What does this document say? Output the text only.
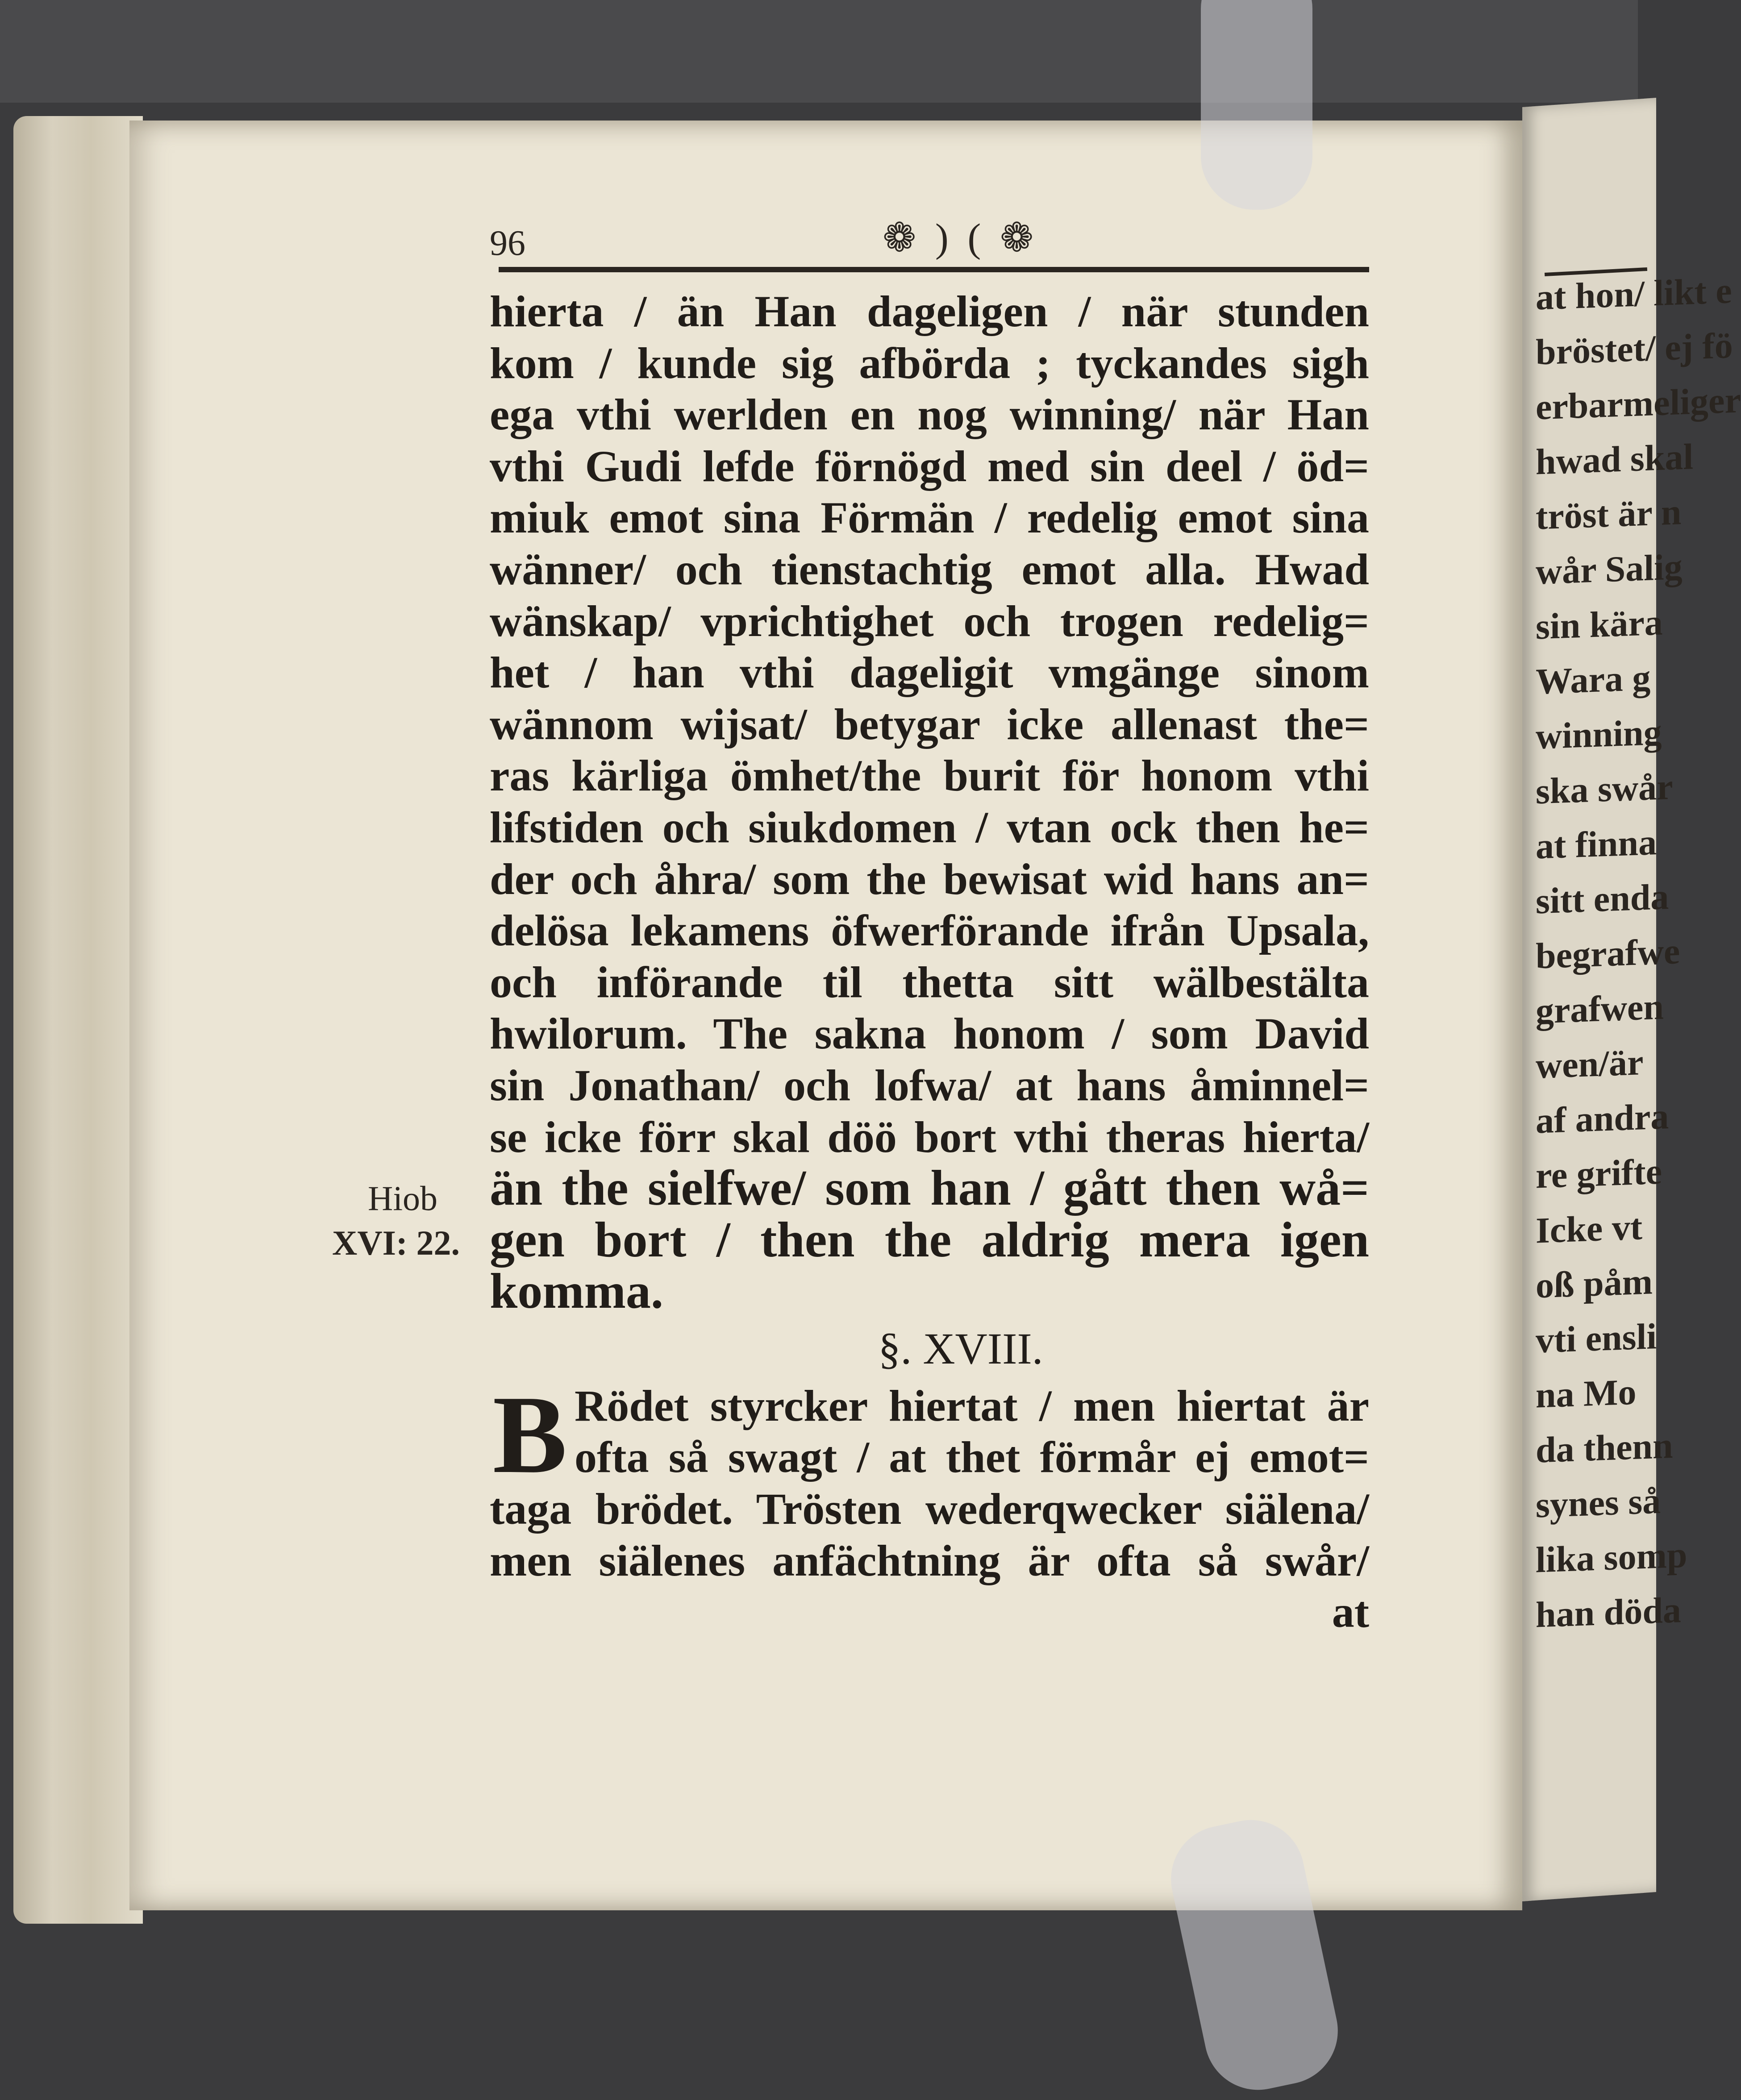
at hon/ likt e
bröstet/ ej fö
erbarmeliger
hwad skal
tröst är n
wår Salig
sin kära
Wara g
winning
ska swår
at finna
sitt enda
begrafwe
grafwen
wen/är
af andra
re grifte
Icke vt
oß påm
vti ensli
na Mo
da thenn
synes så
lika somp
han döda
96	❁ ) ( ❁
Hiob
XVI: 22.
hierta / än Han dageligen / när stunden
kom / kunde sig afbörda ; tyckandes sigh
ega vthi werlden en nog winning/ när Han
vthi Gudi lefde förnögd med sin deel / öd=
miuk emot sina Förmän / redelig emot sina
wänner/ och tienstachtig emot alla. Hwad
wänskap/ vprichtighet och trogen redelig=
het / han vthi dageligit vmgänge sinom
wännom wijsat/ betygar icke allenast the=
ras kärliga ömhet/the burit för honom vthi
lifstiden och siukdomen / vtan ock then he=
der och åhra/ som the bewisat wid hans an=
delösa lekamens öfwerförande ifrån Upsala,
och införande til thetta sitt wälbestälta
hwilorum. The sakna honom / som David
sin Jonathan/ och lofwa/ at hans åminnel=
se icke förr skal döö bort vthi theras hierta/
än the sielfwe/ som han / gått then wå=
gen bort / then the aldrig mera igen
komma.
§. XVIII.
B Rödet styrcker hiertat / men hiertat är
ofta så swagt / at thet förmår ej emot=
taga brödet. Trösten wederqwecker siälena/
men siälenes anfächtning är ofta så swår/
at
